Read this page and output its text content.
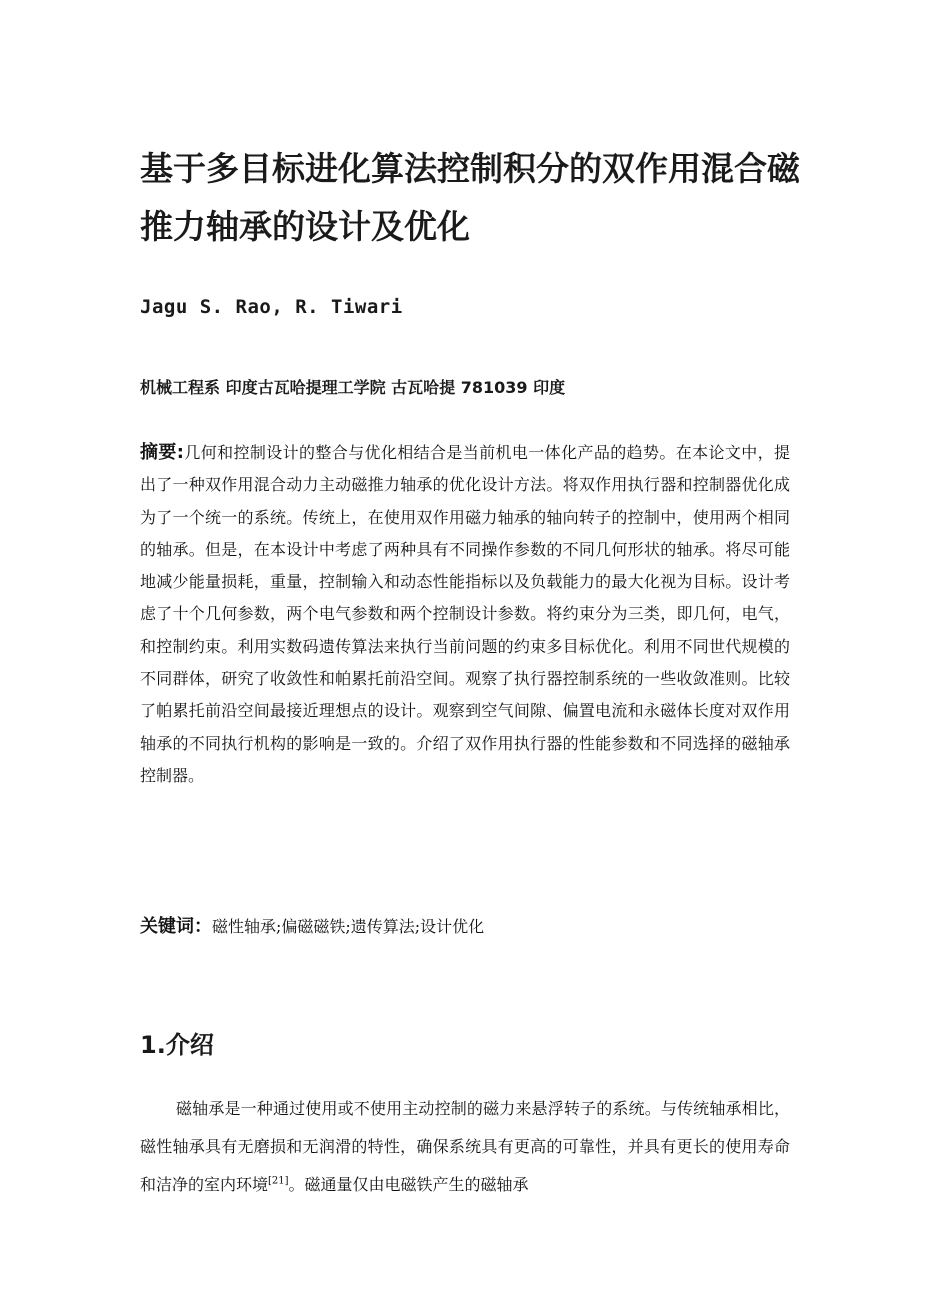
基于多目标进化算法控制积分的双作用混合磁推力轴承的设计及优化
Jagu S. Rao, R. Tiwari
机械工程系 印度古瓦哈提理工学院 古瓦哈提 781039 印度

摘要:几何和控制设计的整合与优化相结合是当前机电一体化产品的趋势。在本论文中，提出了一种双作用混合动力主动磁推力轴承的优化设计方法。将双作用执行器和控制器优化成为了一个统一的系统。传统上，在使用双作用磁力轴承的轴向转子的控制中，使用两个相同的轴承。但是，在本设计中考虑了两种具有不同操作参数的不同几何形状的轴承。将尽可能地减少能量损耗，重量，控制输入和动态性能指标以及负载能力的最大化视为目标。设计考虑了十个几何参数，两个电气参数和两个控制设计参数。将约束分为三类，即几何，电气，和控制约束。利用实数码遗传算法来执行当前问题的约束多目标优化。利用不同世代规模的不同群体，研究了收敛性和帕累托前沿空间。观察了执行器控制系统的一些收敛准则。比较了帕累托前沿空间最接近理想点的设计。观察到空气间隙、偏置电流和永磁体长度对双作用轴承的不同执行机构的影响是一致的。介绍了双作用执行器的性能参数和不同选择的磁轴承控制器。

关键词：磁性轴承;偏磁磁铁;遗传算法;设计优化

1.介绍

磁轴承是一种通过使用或不使用主动控制的磁力来悬浮转子的系统。与传统轴承相比，磁性轴承具有无磨损和无润滑的特性，确保系统具有更高的可靠性，并具有更长的使用寿命和洁净的室内环境[21]。磁通量仅由电磁铁产生的磁轴承
